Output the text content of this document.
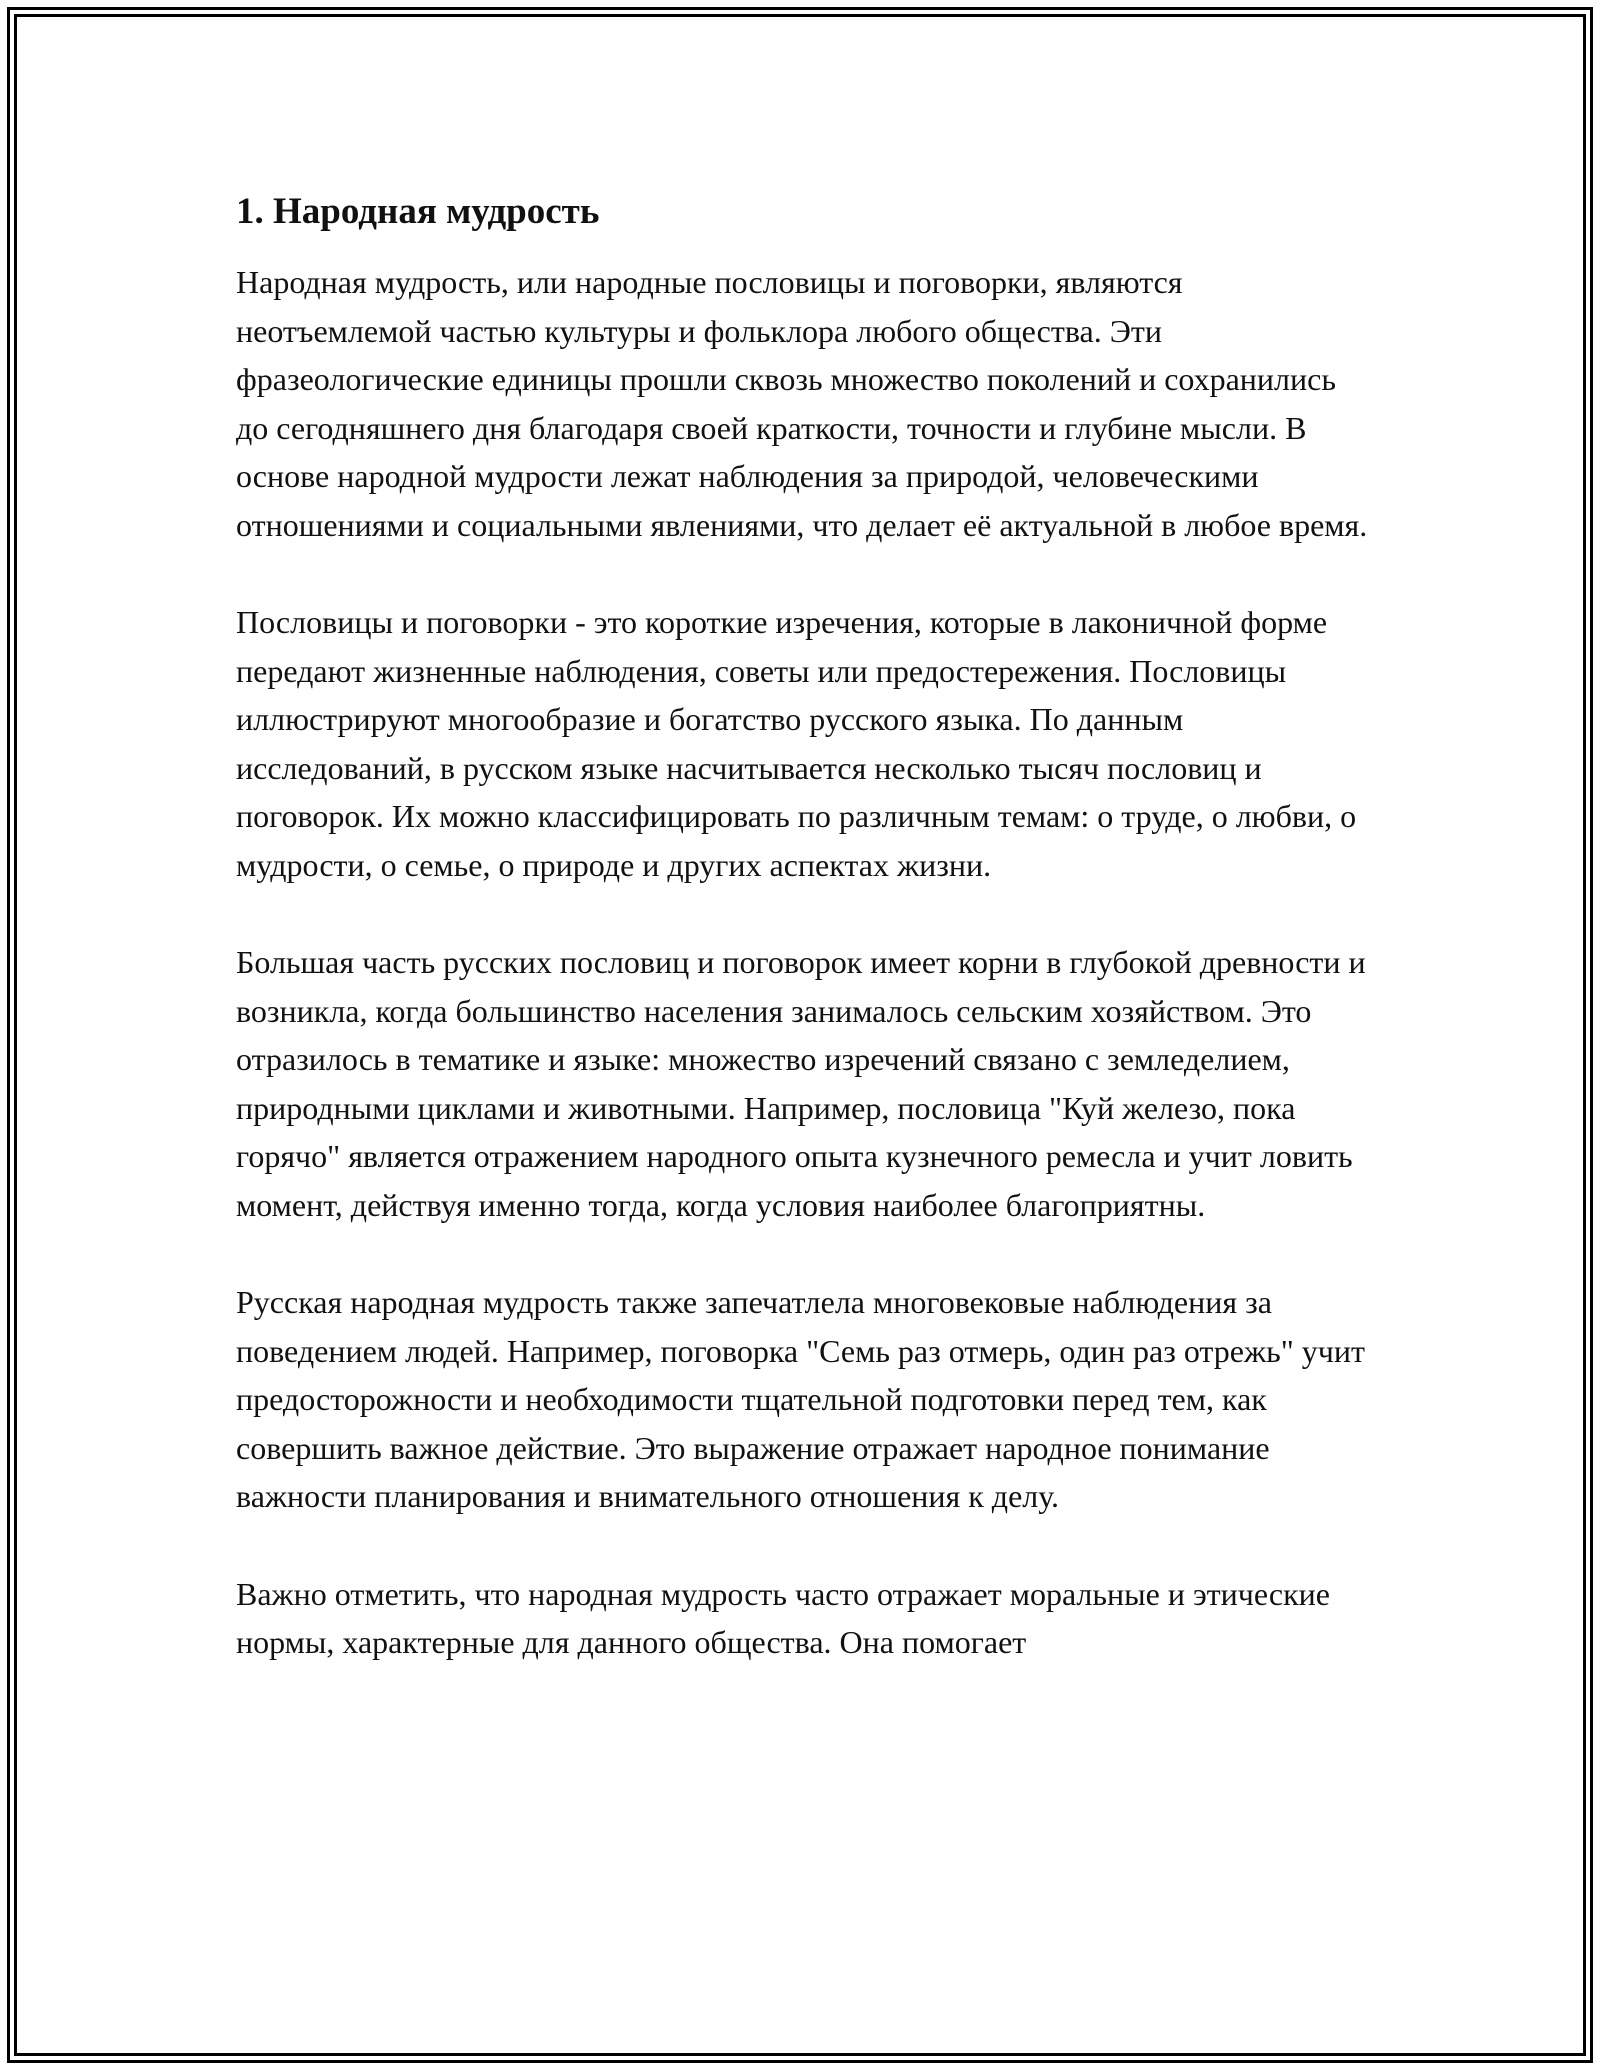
1. Народная мудрость

Народная мудрость, или народные пословицы и поговорки, являются неотъемлемой частью культуры и фольклора любого общества. Эти фразеологические единицы прошли сквозь множество поколений и сохранились до сегодняшнего дня благодаря своей краткости, точности и глубине мысли. В основе народной мудрости лежат наблюдения за природой, человеческими отношениями и социальными явлениями, что делает её актуальной в любое время.

Пословицы и поговорки - это короткие изречения, которые в лаконичной форме передают жизненные наблюдения, советы или предостережения. Пословицы иллюстрируют многообразие и богатство русского языка. По данным исследований, в русском языке насчитывается несколько тысяч пословиц и поговорок. Их можно классифицировать по различным темам: о труде, о любви, о мудрости, о семье, о природе и других аспектах жизни.

Большая часть русских пословиц и поговорок имеет корни в глубокой древности и возникла, когда большинство населения занималось сельским хозяйством. Это отразилось в тематике и языке: множество изречений связано с земледелием, природными циклами и животными. Например, пословица "Куй железо, пока горячо" является отражением народного опыта кузнечного ремесла и учит ловить момент, действуя именно тогда, когда условия наиболее благоприятны.

Русская народная мудрость также запечатлела многовековые наблюдения за поведением людей. Например, поговорка "Семь раз отмерь, один раз отрежь" учит предосторожности и необходимости тщательной подготовки перед тем, как совершить важное действие. Это выражение отражает народное понимание важности планирования и внимательного отношения к делу.

Важно отметить, что народная мудрость часто отражает моральные и этические нормы, характерные для данного общества. Она помогает
